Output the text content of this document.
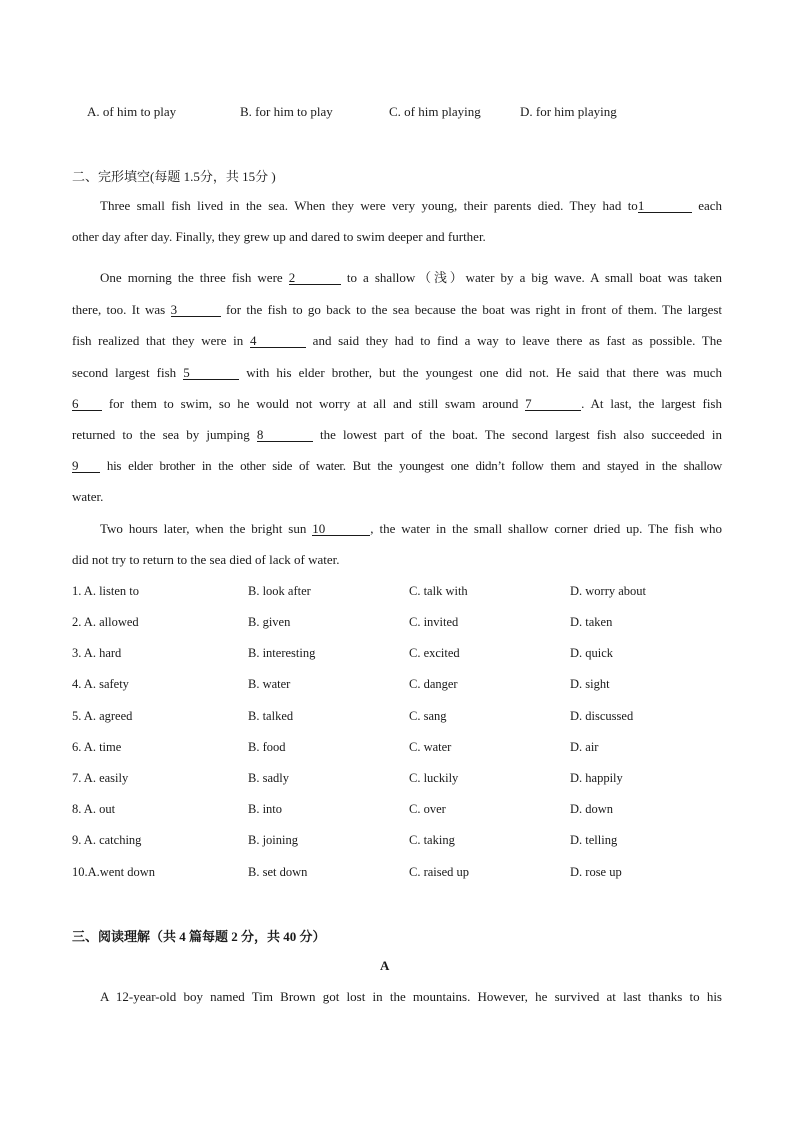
A. of him to play	B. for him to play	C. of him playing	D. for him playing
二、完形填空(每题 1.5分，共 15分 )
Three small fish lived in the sea. When they were very young, their parents died. They had to1	each
other day after day. Finally, they grew up and dared to swim deeper and further.
One morning the three fish were 2	to a shallow（浅）water by a big wave. A small boat was taken
there, too. It was 3	for the fish to go back to the sea because the boat was right in front of them. The largest
fish realized that they were in 4	and said they had to find a way to leave there as fast as possible. The
second largest fish 5	with his elder brother, but the youngest one did not. He said that there was much
6 for them to swim, so he would not worry at all and still swam around 7	. At last, the largest fish
returned to the sea by jumping 8	the lowest part of the boat. The second largest fish also succeeded in
9 his elder brother in the other side of water. But the youngest one didn’t follow them and stayed in the shallow
water.
Two hours later, when the bright sun 10	, the water in the small shallow corner dried up. The fish who
did not try to return to the sea died of lack of water.
1. A. listen to	B. look after	C. talk with	D. worry about
2. A. allowed	B. given	C. invited	D. taken
3. A. hard	B. interesting	C. excited	D. quick
4. A. safety	B. water	C. danger	D. sight
5. A. agreed	B. talked	C. sang	D. discussed
6. A. time	B. food	C. water	D. air
7. A. easily	B. sadly	C. luckily	D. happily
8. A. out	B. into	C. over	D. down
9. A. catching	B. joining	C. taking	D. telling
10.A.went down	B. set down	C. raised up	D. rose up
三、阅读理解（共 4 篇每题 2 分，共 40 分）
A
A 12-year-old boy named Tim Brown got lost in the mountains. However, he survived at last thanks to his
